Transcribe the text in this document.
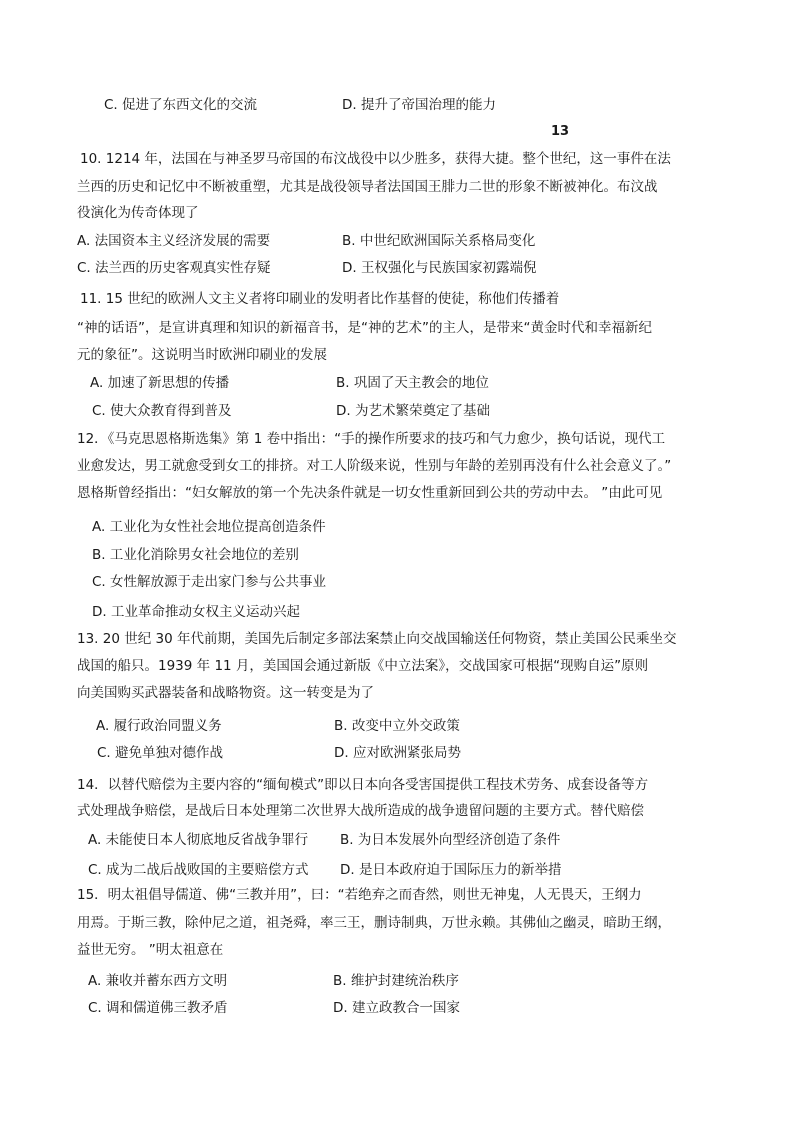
C. 促进了东西文化的交流	D. 提升了帝国治理的能力
13
10. 1214 年，法国在与神圣罗马帝国的布汶战役中以少胜多，获得大捷。整个世纪，这一事件在法
兰西的历史和记忆中不断被重塑，尤其是战役领导者法国国王腓力二世的形象不断被神化。布汶战
役演化为传奇体现了
A. 法国资本主义经济发展的需要	B. 中世纪欧洲国际关系格局变化
C. 法兰西的历史客观真实性存疑	D. 王权强化与民族国家初露端倪
11. 15 世纪的欧洲人文主义者将印刷业的发明者比作基督的使徒，称他们传播着
“神的话语”，是宣讲真理和知识的新福音书，是“神的艺术”的主人，是带来“黄金时代和幸福新纪
元的象征”。这说明当时欧洲印刷业的发展
A. 加速了新思想的传播	B. 巩固了天主教会的地位
C. 使大众教育得到普及	D. 为艺术繁荣奠定了基础
12．《马克思恩格斯选集》第 1 卷中指出：“手的操作所要求的技巧和气力愈少，换句话说，现代工
业愈发达，男工就愈受到女工的排挤。对工人阶级来说，性别与年龄的差别再没有什么社会意义了。”
恩格斯曾经指出：“妇女解放的第一个先决条件就是一切女性重新回到公共的劳动中去。 ”由此可见
A. 工业化为女性社会地位提高创造条件
B. 工业化消除男女社会地位的差别
C. 女性解放源于走出家门参与公共事业
D. 工业革命推动女权主义运动兴起
13. 20 世纪 30 年代前期，美国先后制定多部法案禁止向交战国输送任何物资，禁止美国公民乘坐交
战国的船只。1939 年 11 月，美国国会通过新版《中立法案》，交战国家可根据“现购自运”原则
向美国购买武器装备和战略物资。这一转变是为了
A. 履行政治同盟义务	B. 改变中立外交政策
C. 避免单独对德作战	D. 应对欧洲紧张局势
14．以替代赔偿为主要内容的“缅甸模式”即以日本向各受害国提供工程技术劳务、成套设备等方
式处理战争赔偿，是战后日本处理第二次世界大战所造成的战争遗留问题的主要方式。替代赔偿
A. 未能使日本人彻底地反省战争罪行 B. 为日本发展外向型经济创造了条件
C. 成为二战后战败国的主要赔偿方式 D. 是日本政府迫于国际压力的新举措
15．明太祖倡导儒道、佛“三教并用”，曰：“若绝弃之而杳然，则世无神鬼，人无畏天，王纲力
用焉。于斯三教，除仲尼之道，祖尧舜，率三王，删诗制典，万世永赖。其佛仙之幽灵，暗助王纲，
益世无穷。 ”明太祖意在
A. 兼收并蓄东西方文明	B. 维护封建统治秩序
C. 调和儒道佛三教矛盾	D. 建立政教合一国家
